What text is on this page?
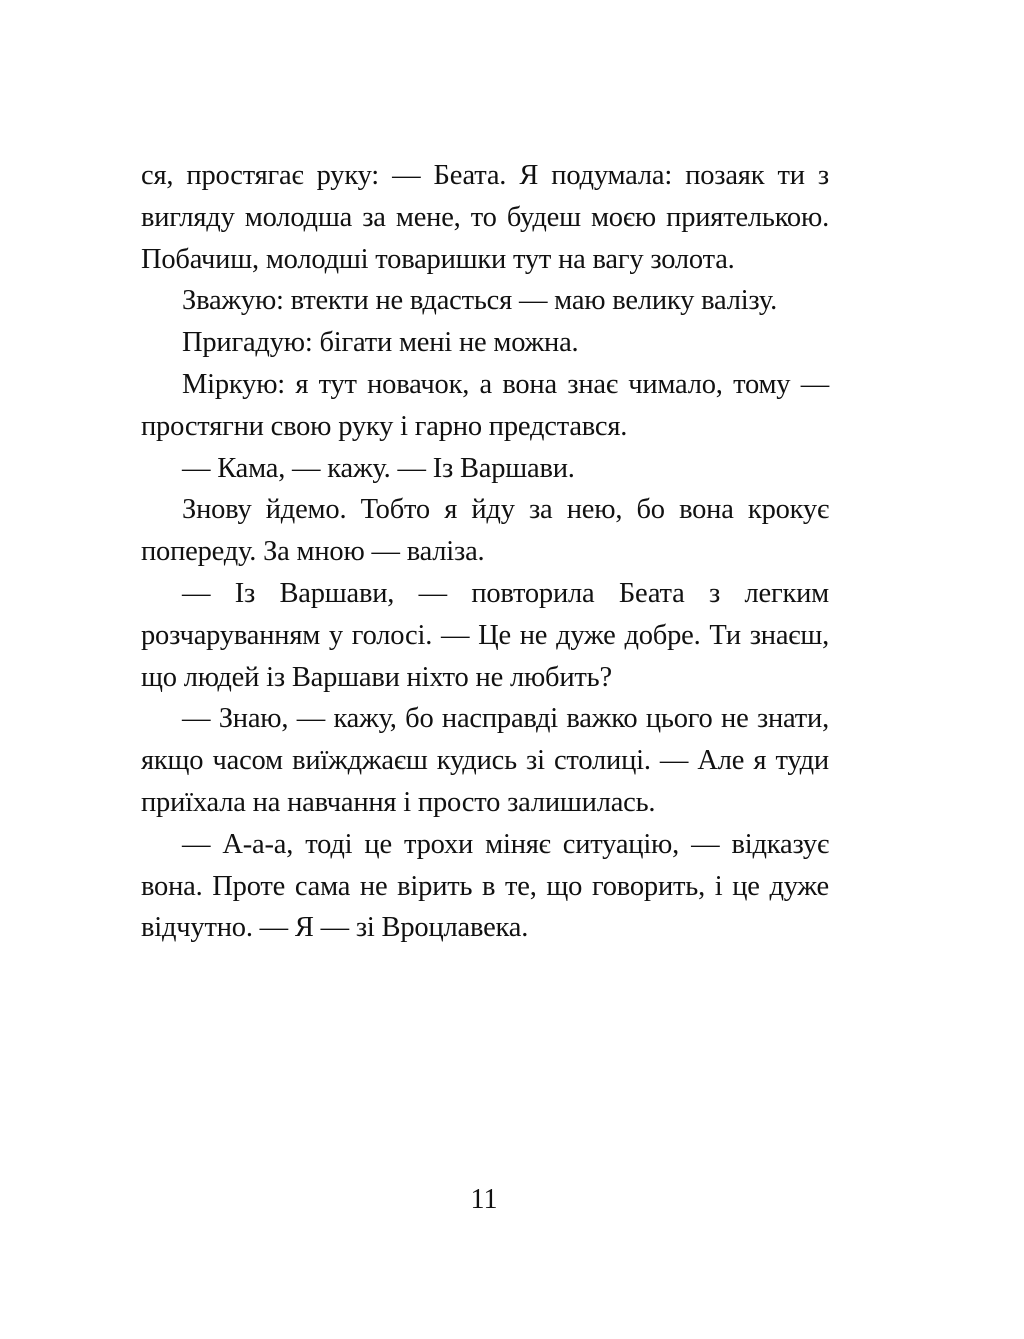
ся, простягає руку: — Беата. Я подумала: позаяк ти з вигляду молодша за мене, то будеш моєю приятелькою. Побачиш, молодші товаришки тут на вагу золота.

Зважую: втекти не вдасться — маю велику валізу.

Пригадую: бігати мені не можна.

Міркую: я тут новачок, а вона знає чимало, тому — простягни свою руку і гарно представся.

— Кама, — кажу. — Із Варшави.

Знову йдемо. Тобто я йду за нею, бо вона крокує попереду. За мною — валіза.

— Із Варшави, — повторила Беата з легким розчаруванням у голосі. — Це не дуже добре. Ти знаєш, що людей із Варшави ніхто не любить?

— Знаю, — кажу, бо насправді важко цього не знати, якщо часом виїжджаєш кудись зі столиці. — Але я туди приїхала на навчання і просто залишилась.

— А-а-а, тоді це трохи міняє ситуацію, — відказує вона. Проте сама не вірить в те, що говорить, і це дуже відчутно. — Я — зі Вроцлавека.

11
